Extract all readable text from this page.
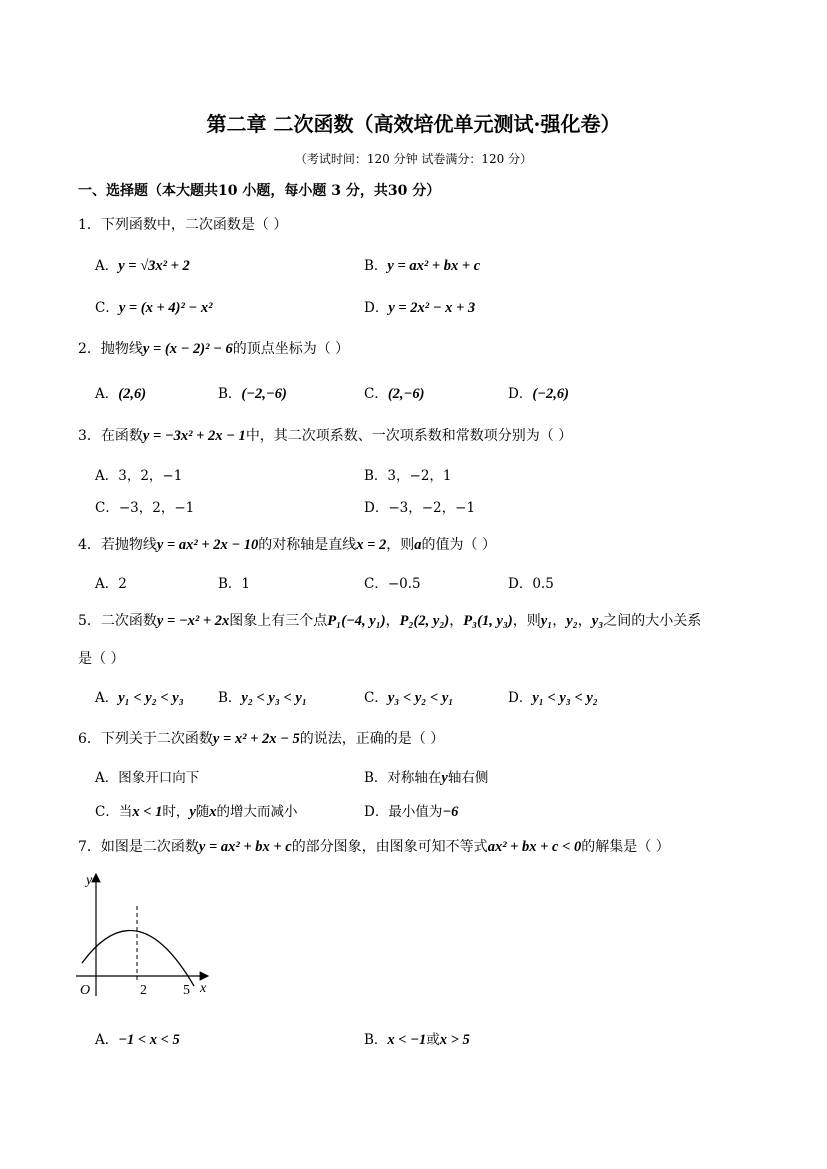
第二章 二次函数（高效培优单元测试·强化卷）
（考试时间：120 分钟 试卷满分：120 分）
一、选择题（本大题共10 小题，每小题 3 分，共30 分）
1．下列函数中，二次函数是（ ）
A．y = √3x² + 2	B．y = ax² + bx + c
C．y = (x + 4)² − x²	D．y = 2x² − x + 3
2．抛物线y = (x − 2)² − 6的顶点坐标为（ ）
A．(2,6)	B．(−2,−6)	C．(2,−6)	D．(−2,6)
3．在函数y = −3x² + 2x − 1中，其二次项系数、一次项系数和常数项分别为（ ）
A．3，2，−1	B．3，−2，1
C．−3，2，−1	D．−3，−2，−1
4．若抛物线y = ax² + 2x − 10的对称轴是直线x = 2，则a的值为（ ）
A．2	B．1	C．−0.5	D．0.5
5．二次函数y = −x² + 2x图象上有三个点P₁(−4, y₁)，P₂(2, y₂)，P₃(1, y₃)，则y₁，y₂，y₃之间的大小关系
是（ ）
A．y₁ < y₂ < y₃	B．y₂ < y₃ < y₁	C．y₃ < y₂ < y₁	D．y₁ < y₃ < y₂
6．下列关于二次函数y = x² + 2x − 5的说法，正确的是（ ）
A．图象开口向下	B．对称轴在y轴右侧
C．当x < 1时，y随x的增大而减小	D．最小值为−6
7．如图是二次函数y = ax² + bx + c的部分图象，由图象可知不等式ax² + bx + c < 0的解集是（ ）
y
x
O	2	5
A．−1 < x < 5	B．x < −1或x > 5
